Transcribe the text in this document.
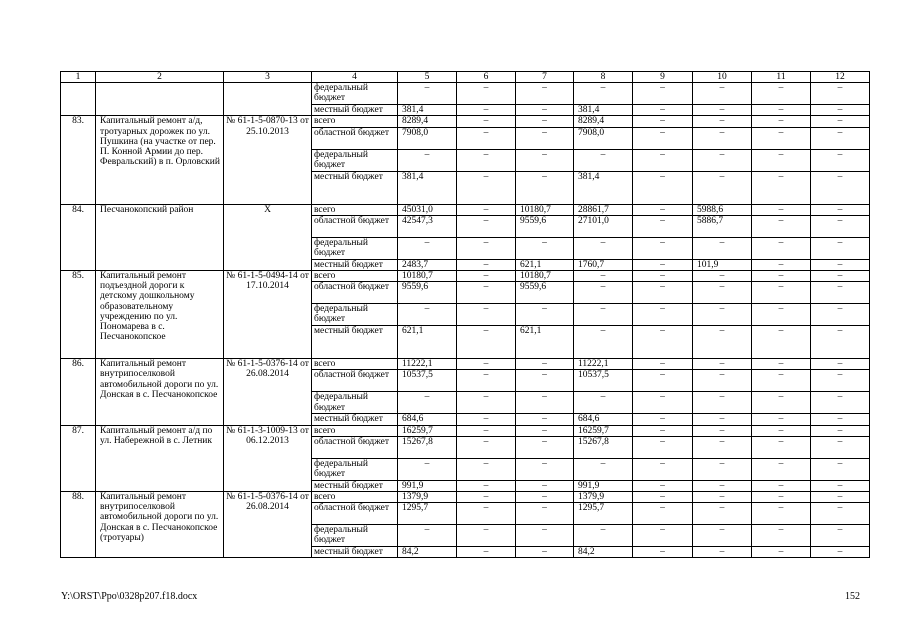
1	2	3	4	5	6	7	8	9	10	11	12
			федеральный бюджет	–	–	–	–	–	–	–	–
			местный бюджет	381,4	–	–	381,4	–	–	–	–
83.	Капитальный ремонт а/д, тротуарных дорожек по ул. Пушкина (на участке от пер. П. Конной Армии до пер. Февральский) в п. Орловский	№ 61-1-5-0870-13 от 25.10.2013	всего	8289,4	–	–	8289,4	–	–	–	–
			областной бюджет	7908,0	–	–	7908,0	–	–	–	–
			федеральный бюджет	–	–	–	–	–	–	–	–
			местный бюджет	381,4	–	–	381,4	–	–	–	–
84.	Песчанокопский район	Х	всего	45031,0	–	10180,7	28861,7	–	5988,6	–	–
			областной бюджет	42547,3	–	9559,6	27101,0	–	5886,7	–	–
			федеральный бюджет	–	–	–	–	–	–	–	–
			местный бюджет	2483,7	–	621,1	1760,7	–	101,9	–	–
85.	Капитальный ремонт подъездной дороги к детскому дошкольному образовательному учреждению по ул. Пономарева в с. Песчанокопское	№ 61-1-5-0494-14 от 17.10.2014	всего	10180,7	–	10180,7	–	–	–	–	–
			областной бюджет	9559,6	–	9559,6	–	–	–	–	–
			федеральный бюджет	–	–	–	–	–	–	–	–
			местный бюджет	621,1	–	621,1	–	–	–	–	–
86.	Капитальный ремонт внутрипоселковой автомобильной дороги по ул. Донская в с. Песчанокопское	№ 61-1-5-0376-14 от 26.08.2014	всего	11222,1	–	–	11222,1	–	–	–	–
			областной бюджет	10537,5	–	–	10537,5	–	–	–	–
			федеральный бюджет	–	–	–	–	–	–	–	–
			местный бюджет	684,6	–	–	684,6	–	–	–	–
87.	Капитальный ремонт а/д по ул. Набережной в с. Летник	№ 61-1-3-1009-13 от 06.12.2013	всего	16259,7	–	–	16259,7	–	–	–	–
			областной бюджет	15267,8	–	–	15267,8	–	–	–	–
			федеральный бюджет	–	–	–	–	–	–	–	–
			местный бюджет	991,9	–	–	991,9	–	–	–	–
88.	Капитальный ремонт внутрипоселковой автомобильной дороги по ул. Донская в с. Песчанокопское (тротуары)	№ 61-1-5-0376-14 от 26.08.2014	всего	1379,9	–	–	1379,9	–	–	–	–
			областной бюджет	1295,7	–	–	1295,7	–	–	–	–
			федеральный бюджет	–	–	–	–	–	–	–	–
			местный бюджет	84,2	–	–	84,2	–	–	–	–
Y:\ORST\Ppo\0328p207.f18.docx	152
